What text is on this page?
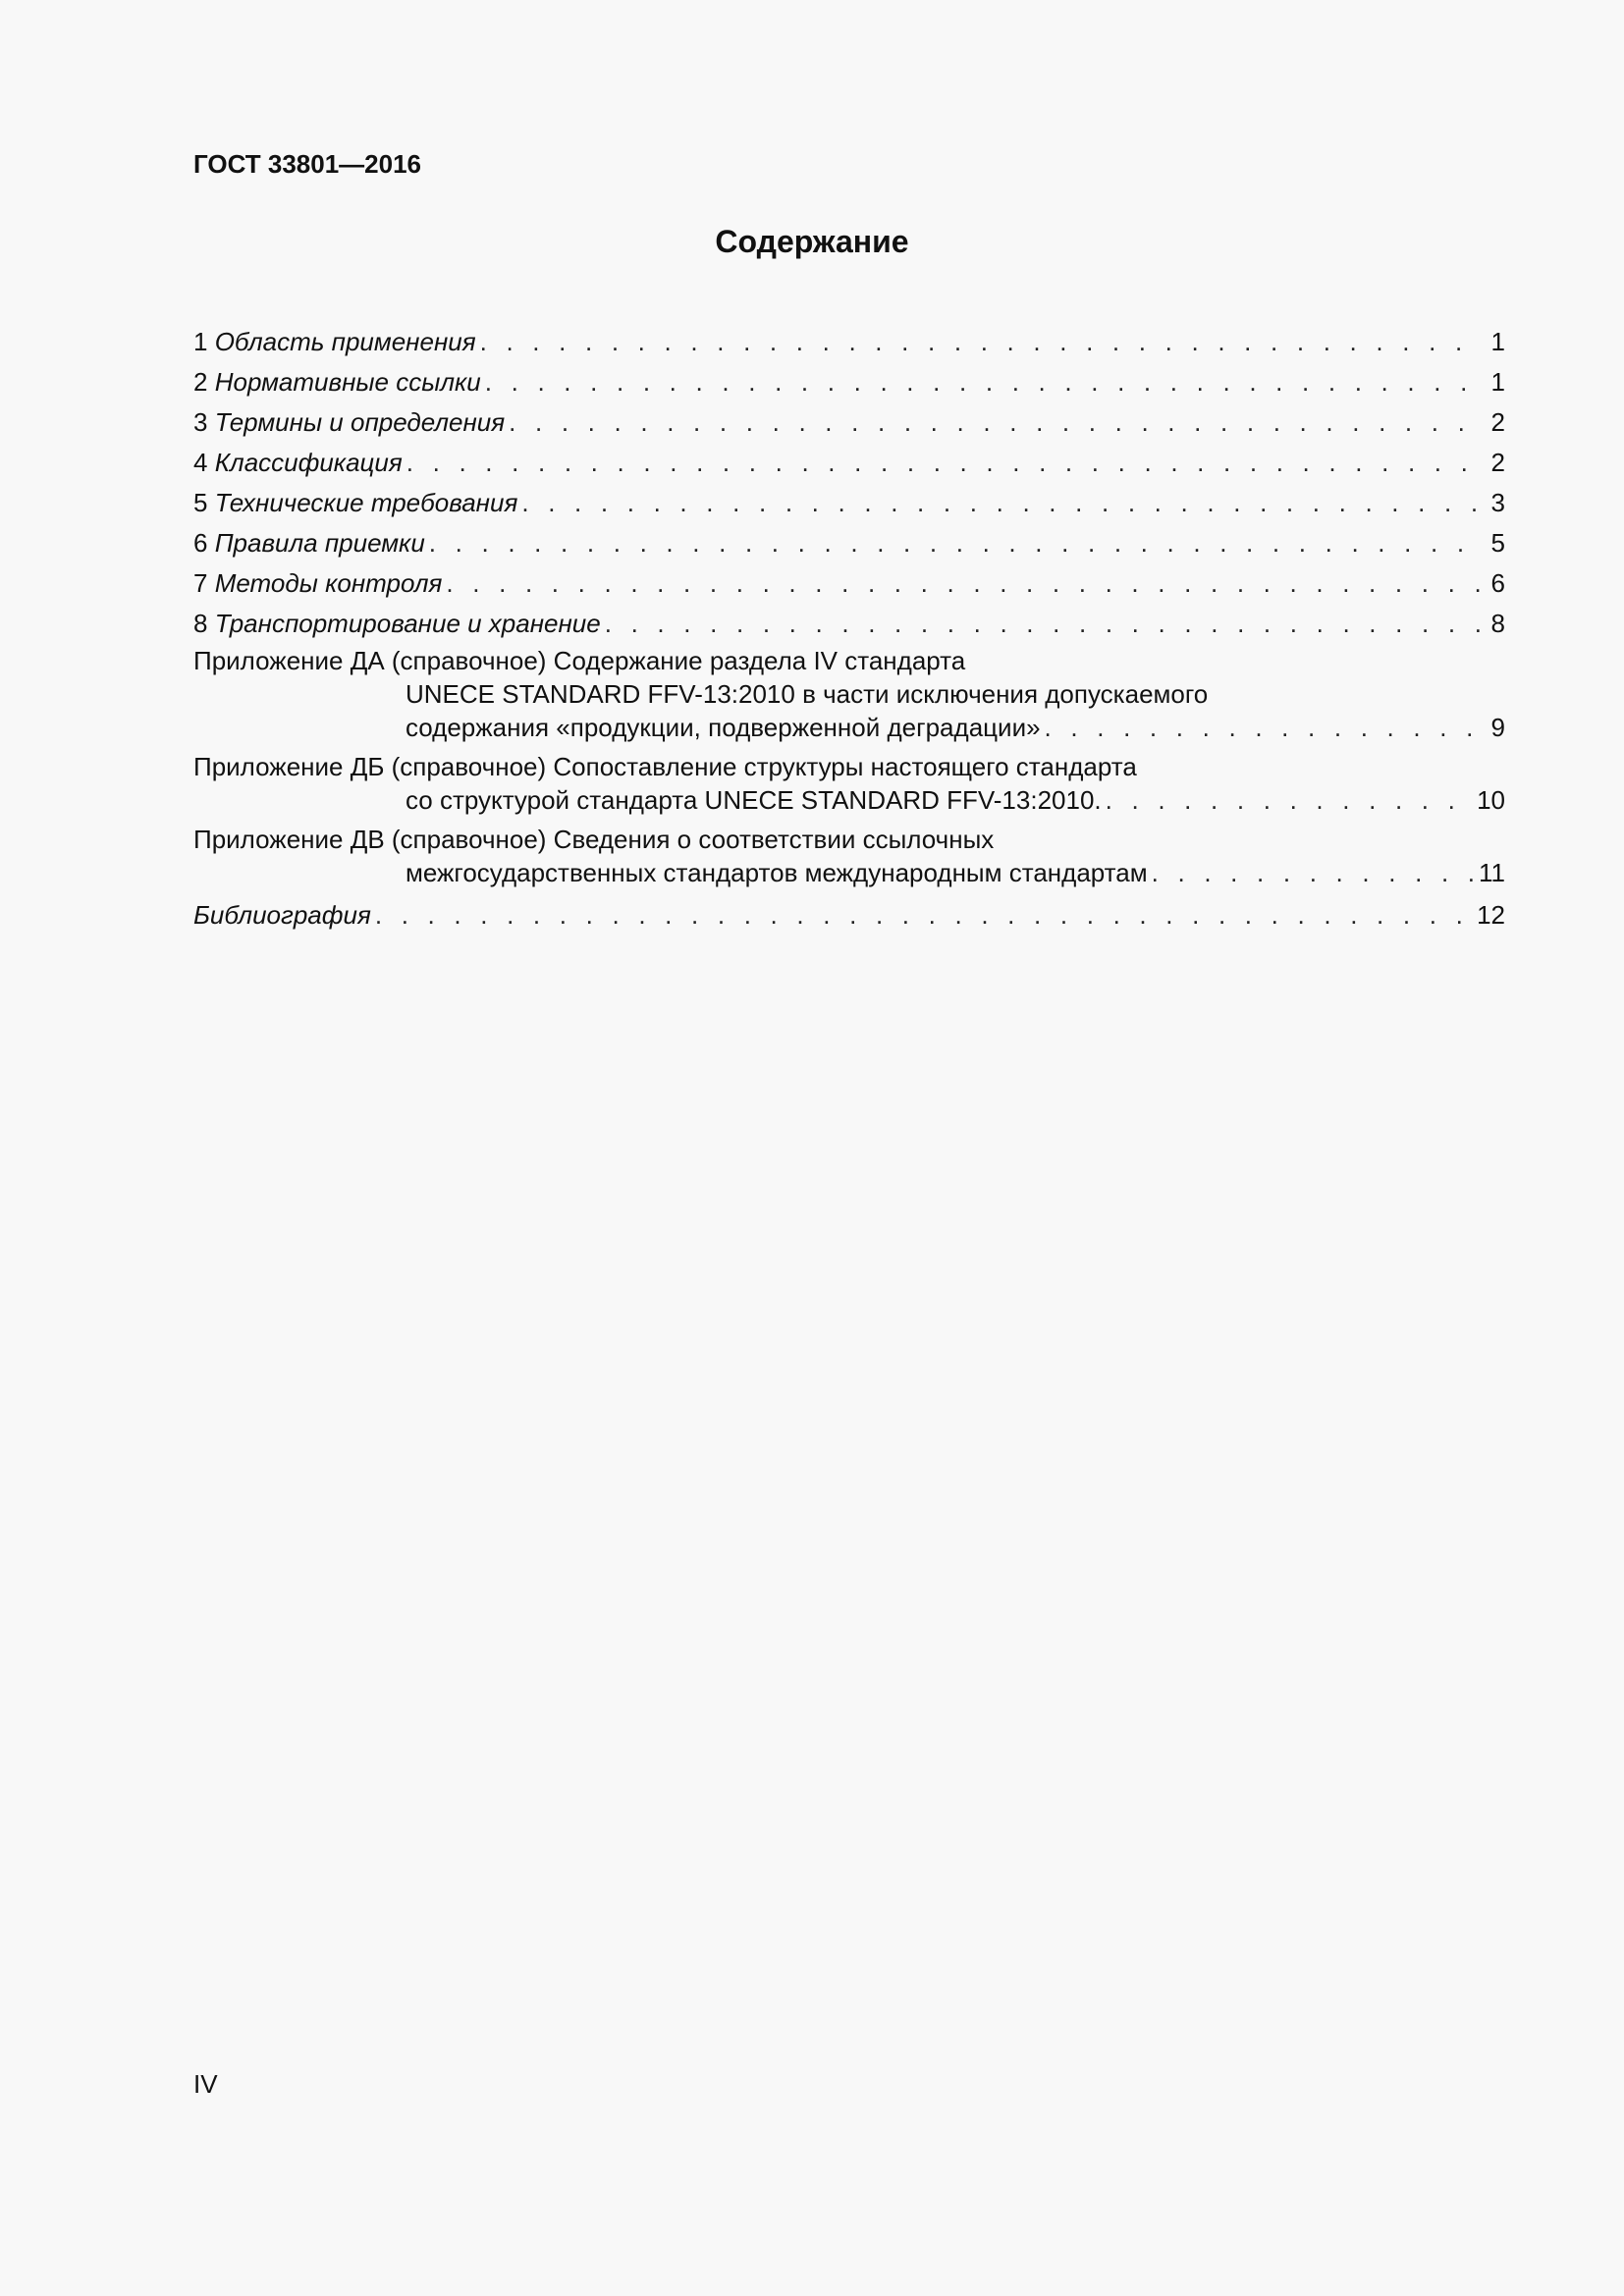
ГОСТ 33801—2016
Содержание
1 Область применения . . .	1
2 Нормативные ссылки . . .	1
3 Термины и определения . . .	2
4 Классификация . . .	2
5 Технические требования . . .	3
6 Правила приемки . . .	5
7 Методы контроля . . .	6
8 Транспортирование и хранение . . .	8
Приложение ДА (справочное) Содержание раздела IV стандарта
UNECE STANDARD FFV-13:2010 в части исключения допускаемого
содержания «продукции, подверженной деградации» . . .	9
Приложение ДБ (справочное) Сопоставление структуры настоящего стандарта
со структурой стандарта UNECE STANDARD FFV-13:2010. . . .	10
Приложение ДВ (справочное) Сведения о соответствии ссылочных
межгосударственных стандартов международным стандартам . . .	11
Библиография . . .	12
IV
